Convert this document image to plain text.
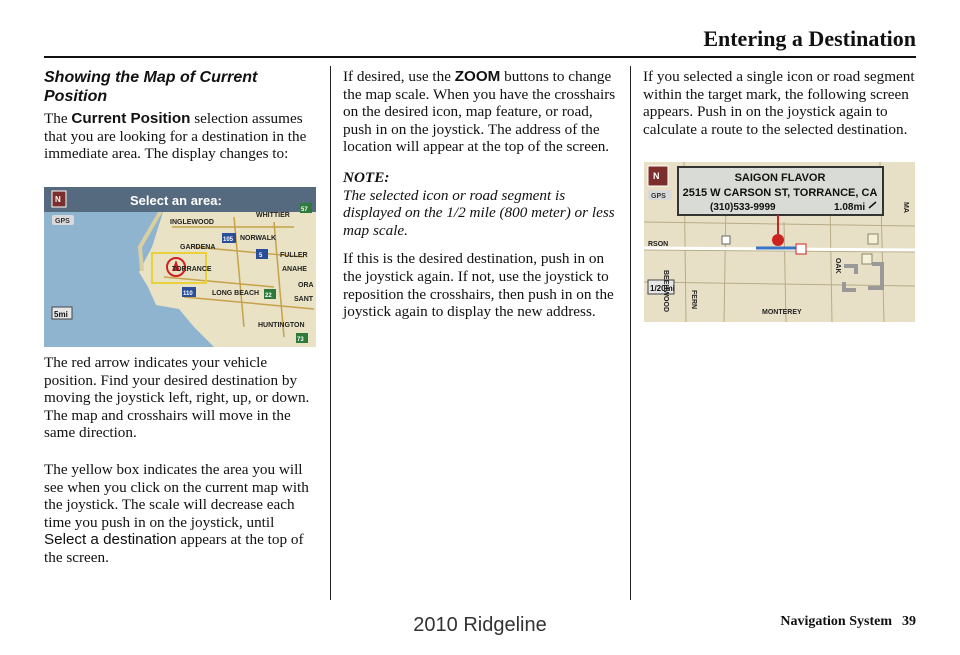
Entering a Destination
Showing the Map of Current Position

The Current Position selection assumes that you are looking for a destination in the immediate area. The display changes to:

Select an area:
N
GPS
5mi
INGLEWOOD
WHITTIER
NORWALK
GARDENA
FULLER
TORRANCE	ANAHE
LONG BEACH
ORA
SANT
HUNTINGTON
105
5
110	22
73
57

The red arrow indicates your vehicle position. Find your desired destination by moving the joystick left, right, up, or down. The map and crosshairs will move in the same direction.

The yellow box indicates the area you will see when you click on the current map with the joystick. The scale will decrease each time you push in on the joystick, until Select a destination appears at the top of the screen.

If desired, use the ZOOM buttons to change the map scale. When you have the crosshairs on the desired icon, map feature, or road, push in on the joystick. The address of the location will appear at the top of the screen.

NOTE:
The selected icon or road segment is displayed on the 1/2 mile (800 meter) or less map scale.

If this is the desired destination, push in on the joystick again. If not, use the joystick to reposition the crosshairs, then push in on the joystick again to display the new address.

If you selected a single icon or road segment within the target mark, the following screen appears. Push in on the joystick again to calculate a route to the selected destination.

N
GPS
SAIGON FLAVOR
2515 W CARSON ST, TORRANCE, CA
(310)533-9999	1.08mi
1/20mi
RSON
FERN
BEEHWOOD
MONTEREY
OAK
MA
Navigation System 39
2010 Ridgeline
